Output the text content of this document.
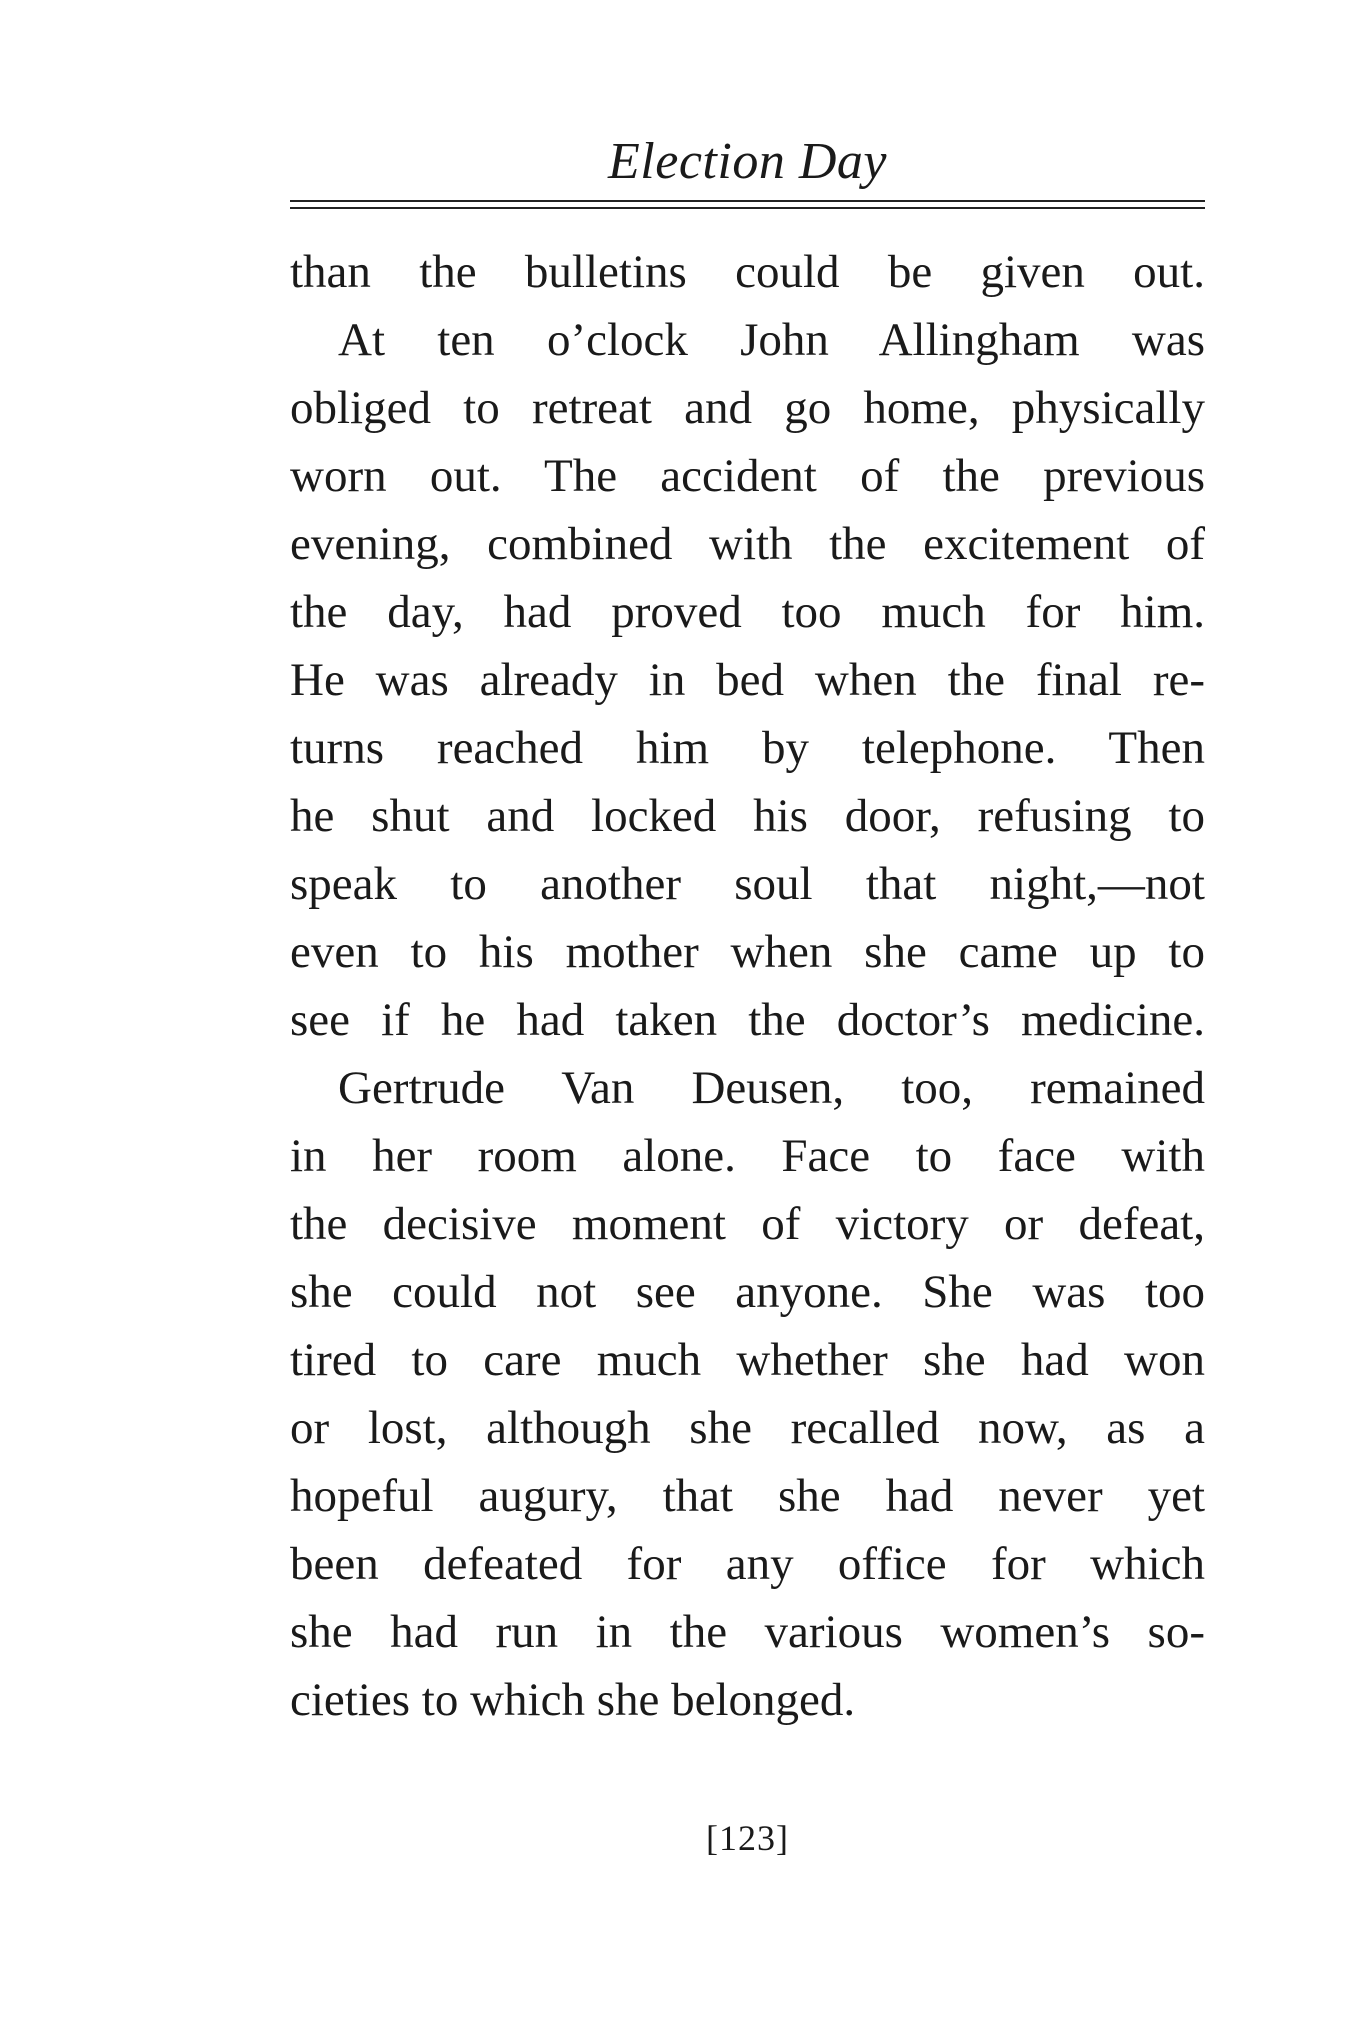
Election Day
than the bulletins could be given out.
At ten o’clock John Allingham was
obliged to retreat and go home, physically
worn out. The accident of the previous
evening, combined with the excitement of
the day, had proved too much for him.
He was already in bed when the final re-
turns reached him by telephone. Then
he shut and locked his door, refusing to
speak to another soul that night,—not
even to his mother when she came up to
see if he had taken the doctor’s medicine.
Gertrude Van Deusen, too, remained
in her room alone. Face to face with
the decisive moment of victory or defeat,
she could not see anyone. She was too
tired to care much whether she had won
or lost, although she recalled now, as a
hopeful augury, that she had never yet
been defeated for any office for which
she had run in the various women’s so-
cieties to which she belonged.
[123]
